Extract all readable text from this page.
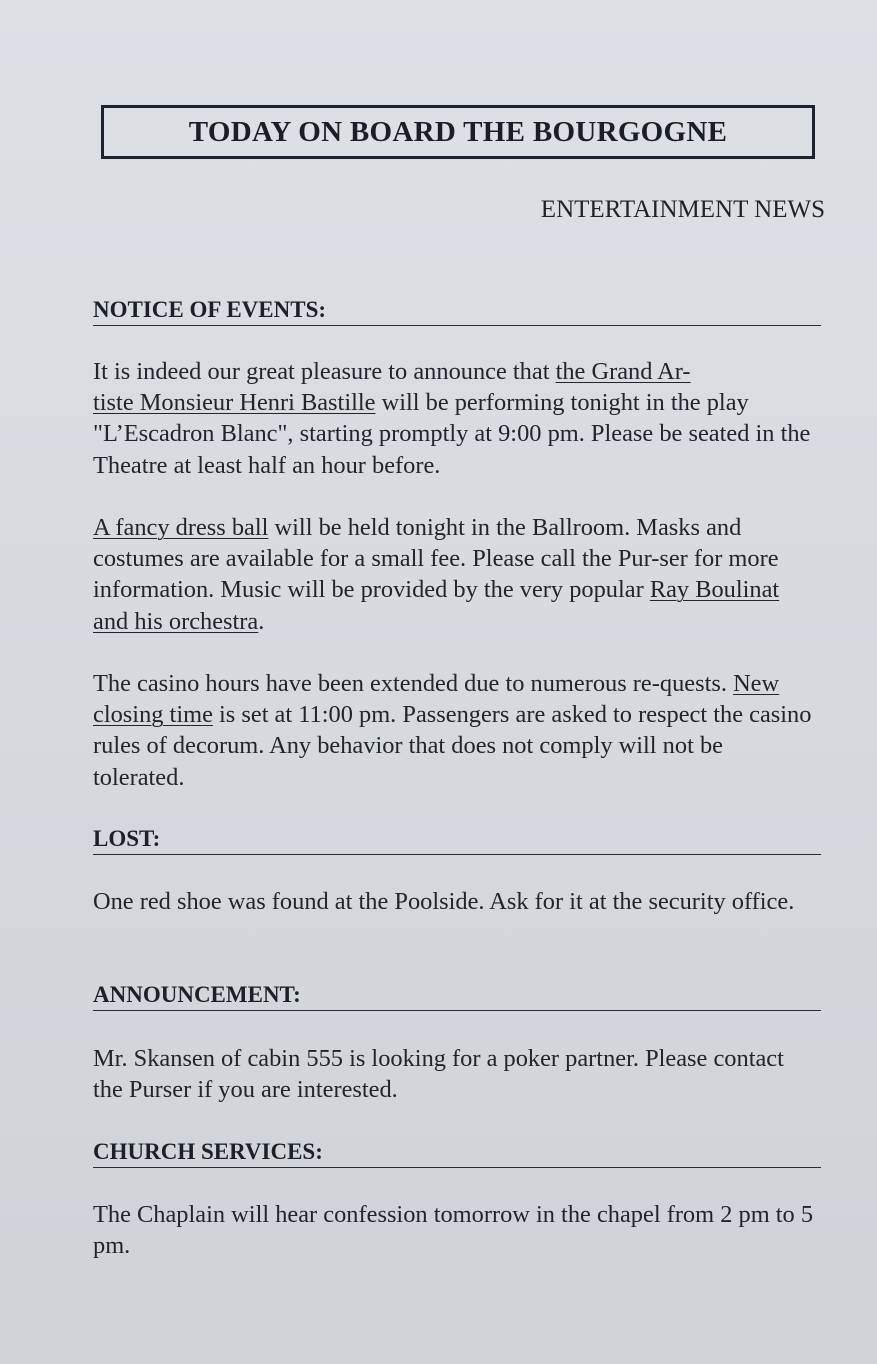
TODAY ON BOARD THE BOURGOGNE
ENTERTAINMENT NEWS
NOTICE OF EVENTS:
It is indeed our great pleasure to announce that the Grand Ar-
tiste Monsieur Henri Bastille will be performing tonight in the play "L’Escadron Blanc", starting promptly at 9:00 pm. Please be seated in the Theatre at least half an hour before.
A fancy dress ball will be held tonight in the Ballroom. Masks and costumes are available for a small fee. Please call the Pur-ser for more information. Music will be provided by the very popular Ray Boulinat and his orchestra.
The casino hours have been extended due to numerous re-quests. New closing time is set at 11:00 pm. Passengers are asked to respect the casino rules of decorum. Any behavior that does not comply will not be tolerated.
LOST:
One red shoe was found at the Poolside. Ask for it at the security office.
ANNOUNCEMENT:
Mr. Skansen of cabin 555 is looking for a poker partner. Please contact the Purser if you are interested.
CHURCH SERVICES:
The Chaplain will hear confession tomorrow in the chapel from 2 pm to 5 pm.
